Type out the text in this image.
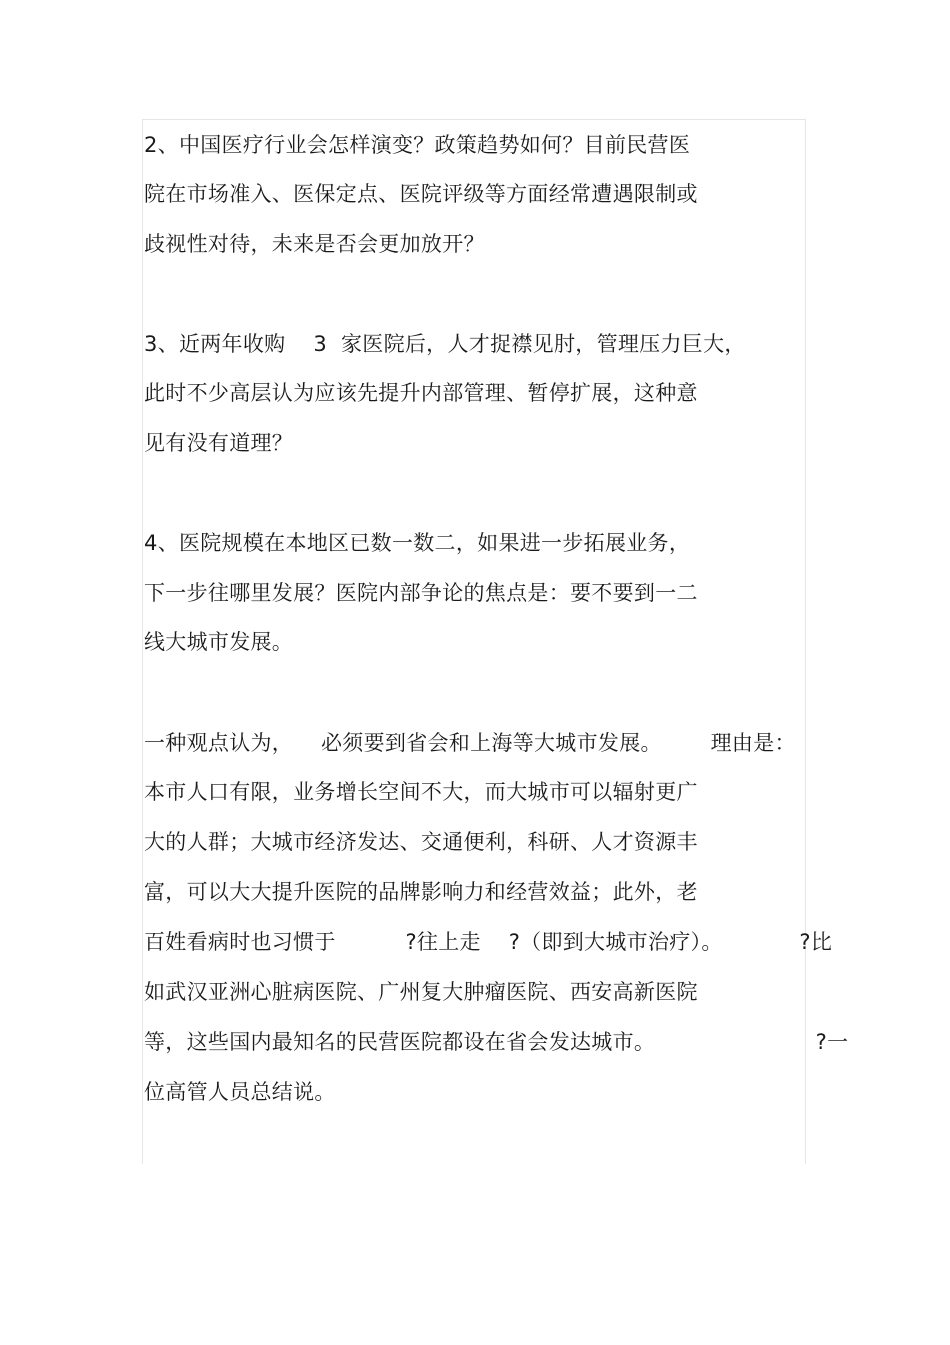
2、中国医疗行业会怎样演变？政策趋势如何？目前民营医
院在市场准入、医保定点、医院评级等方面经常遭遇限制或
歧视性对待，未来是否会更加放开？
3、近两年收购    3  家医院后，人才捉襟见肘，管理压力巨大，
此时不少高层认为应该先提升内部管理、暂停扩展，这种意
见有没有道理？
4、医院规模在本地区已数一数二，如果进一步拓展业务，
下一步往哪里发展？医院内部争论的焦点是：要不要到一二
线大城市发展。
一种观点认为，    必须要到省会和上海等大城市发展。       理由是：
本市人口有限，业务增长空间不大，而大城市可以辐射更广
大的人群；大城市经济发达、交通便利，科研、人才资源丰
富，可以大大提升医院的品牌影响力和经营效益；此外，老
百姓看病时也习惯于          ?往上走    ?（即到大城市治疗）。           ?比
如武汉亚洲心脏病医院、广州复大肿瘤医院、西安高新医院
等，这些国内最知名的民营医院都设在省会发达城市。                       ?一
位高管人员总结说。
